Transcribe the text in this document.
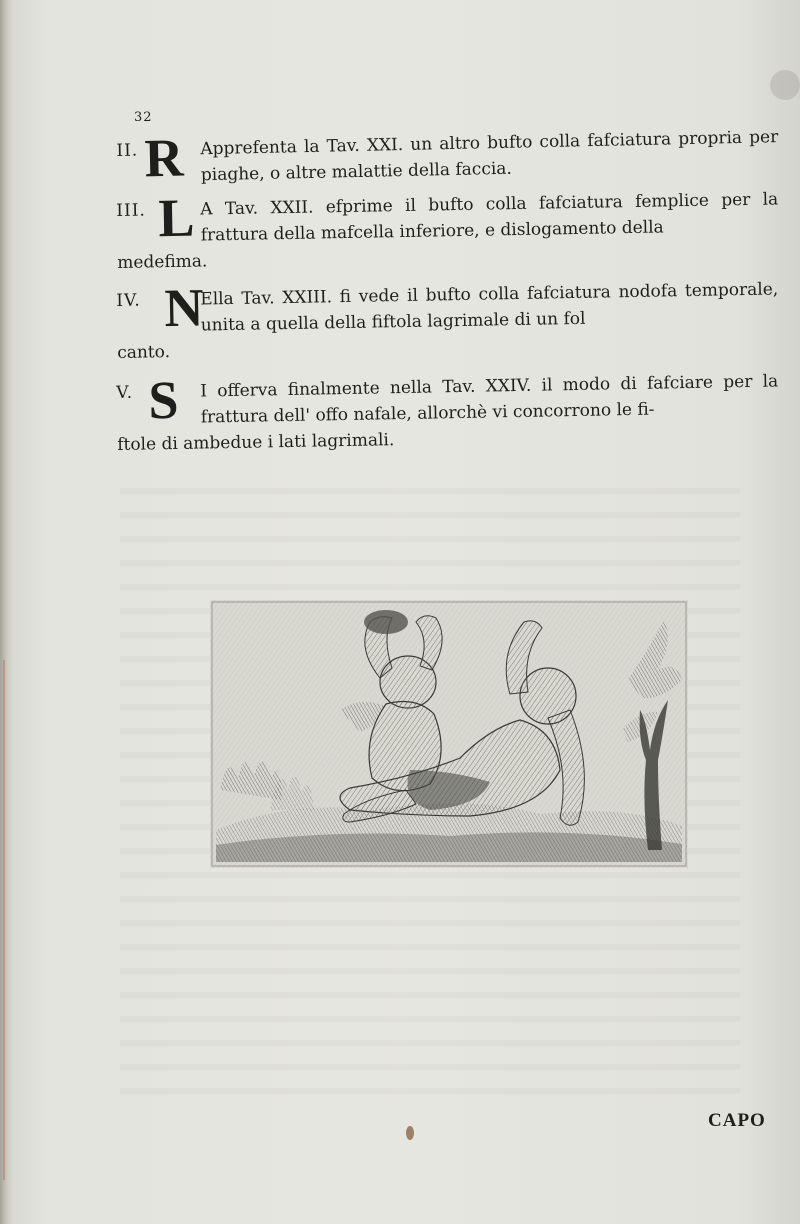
32
II. R Apprefenta la Tav. XXI. un altro bufto colla fafciatura propria per piaghe, o altre malattie della faccia.
III. L A Tav. XXII. efprime il bufto colla fafciatura femplice per la frattura della mafcella inferiore, e dislogamento della
medefima.
IV. N
Ella Tav. XXIII. fi vede il bufto colla fafciatura nodofa temporale, unita a quella della fiftola lagrimale di un fol
canto.
V. S I offerva finalmente nella Tav. XXIV. il modo di fafciare per la frattura dell' offo nafale, allorchè vi concorrono le fi-
ftole di ambedue i lati lagrimali.
CAPO
